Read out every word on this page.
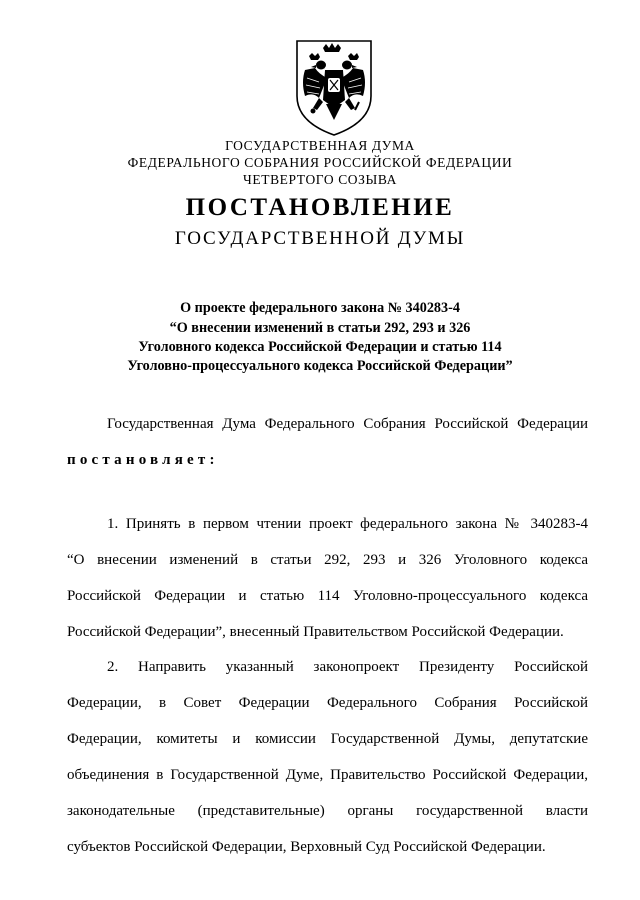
ГОСУДАРСТВЕННАЯ ДУМА
ФЕДЕРАЛЬНОГО СОБРАНИЯ РОССИЙСКОЙ ФЕДЕРАЦИИ
ЧЕТВЕРТОГО СОЗЫВА
ПОСТАНОВЛЕНИЕ
ГОСУДАРСТВЕННОЙ ДУМЫ
О проекте федерального закона № 340283-4
“О внесении изменений в статьи 292, 293 и 326
Уголовного кодекса Российской Федерации и статью 114
Уголовно-процессуального кодекса Российской Федерации”
Государственная Дума Федерального Собрания Российской Федерации
постановляет:
1. Принять в первом чтении проект федерального закона № 340283-4
“О внесении изменений в статьи 292, 293 и 326 Уголовного кодекса
Российской Федерации и статью 114 Уголовно-процессуального кодекса
Российской Федерации”, внесенный Правительством Российской Федерации.
2. Направить указанный законопроект Президенту Российской
Федерации, в Совет Федерации Федерального Собрания Российской
Федерации, комитеты и комиссии Государственной Думы, депутатские
объединения в Государственной Думе, Правительство Российской Федерации,
законодательные (представительные) органы государственной власти
субъектов Российской Федерации, Верховный Суд Российской Федерации.
